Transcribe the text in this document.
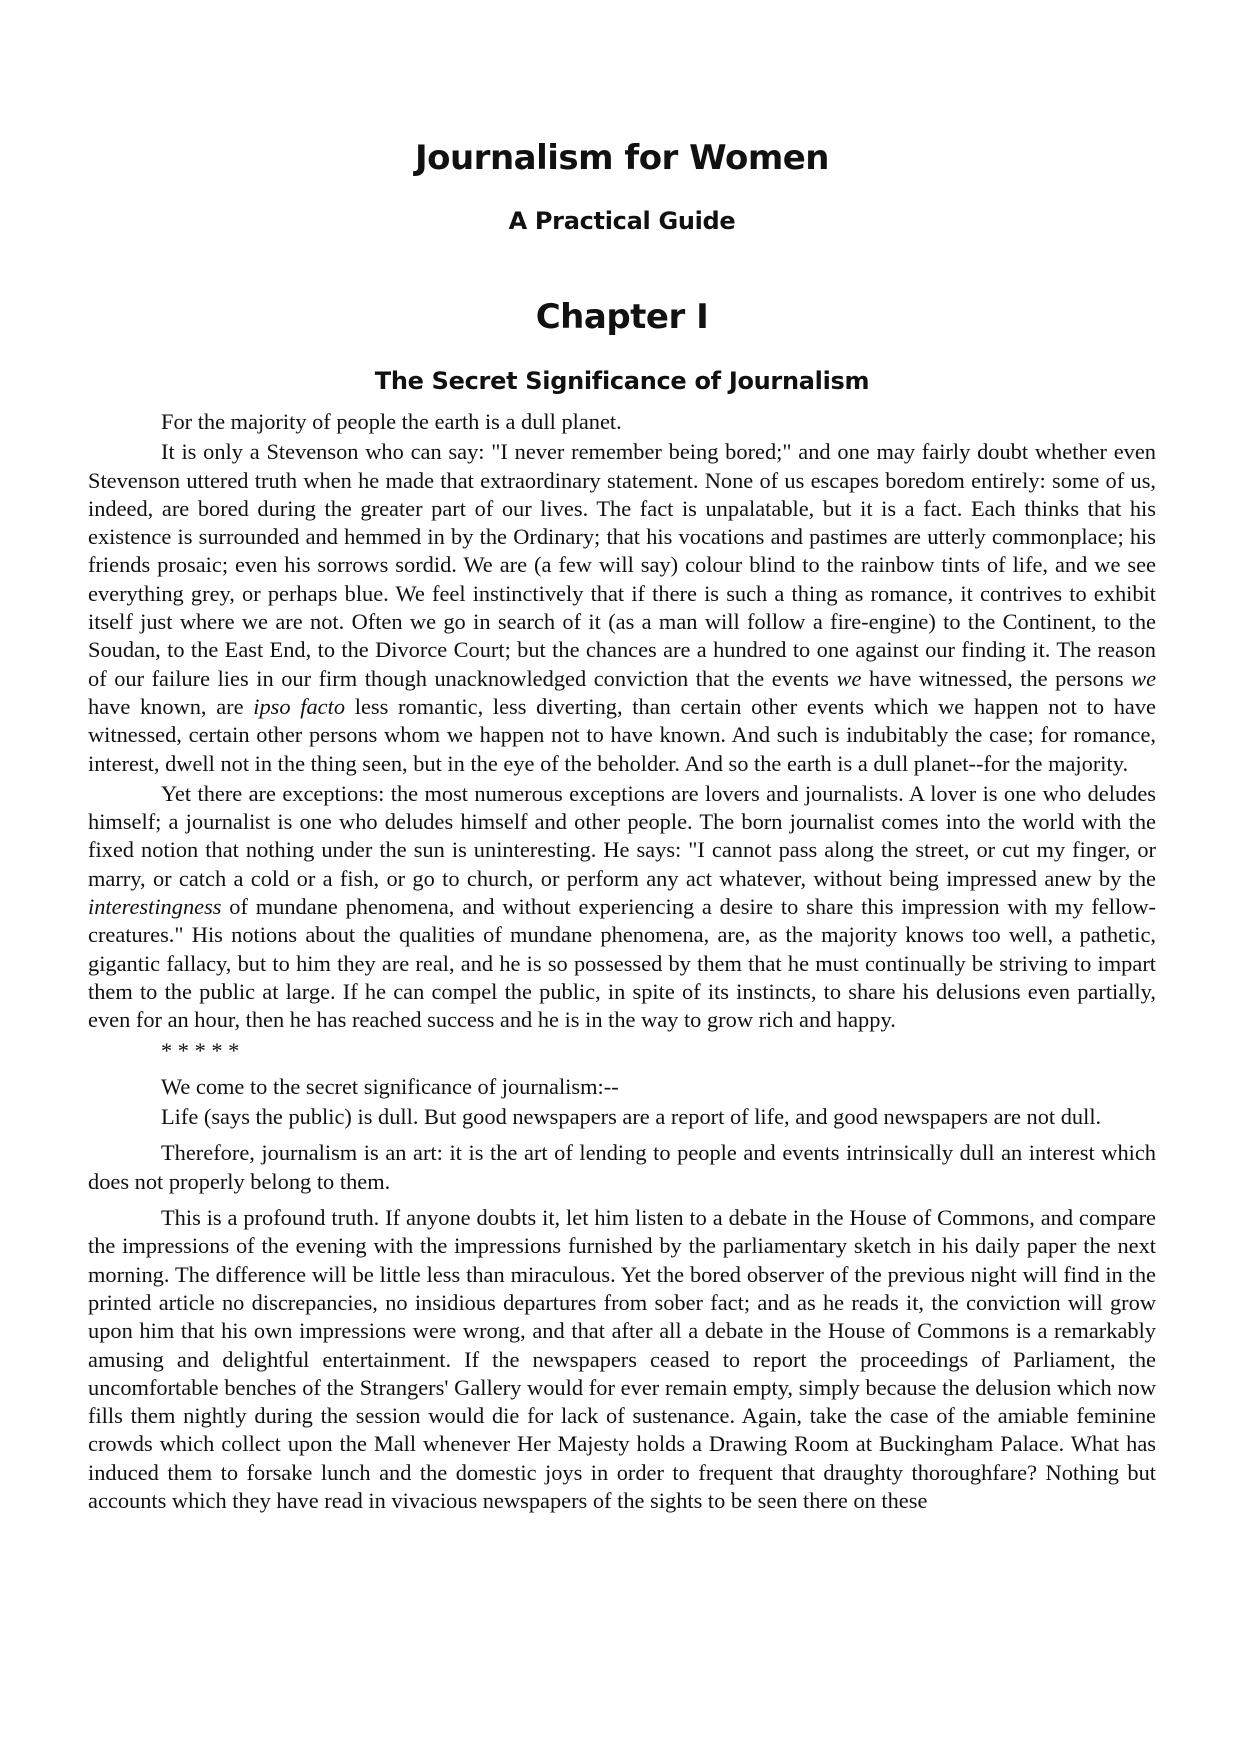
Journalism for Women
A Practical Guide
Chapter I
The Secret Significance of Journalism

For the majority of people the earth is a dull planet.

It is only a Stevenson who can say: "I never remember being bored;" and one may fairly doubt whether even Stevenson uttered truth when he made that extraordinary statement. None of us escapes boredom entirely: some of us, indeed, are bored during the greater part of our lives. The fact is unpalatable, but it is a fact. Each thinks that his existence is surrounded and hemmed in by the Ordinary; that his vocations and pastimes are utterly commonplace; his friends prosaic; even his sorrows sordid. We are (a few will say) colour blind to the rainbow tints of life, and we see everything grey, or perhaps blue. We feel instinctively that if there is such a thing as romance, it contrives to exhibit itself just where we are not. Often we go in search of it (as a man will follow a fire-engine) to the Continent, to the Soudan, to the East End, to the Divorce Court; but the chances are a hundred to one against our finding it. The reason of our failure lies in our firm though unacknowledged conviction that the events we have witnessed, the persons we have known, are ipso facto less romantic, less diverting, than certain other events which we happen not to have witnessed, certain other persons whom we happen not to have known. And such is indubitably the case; for romance, interest, dwell not in the thing seen, but in the eye of the beholder. And so the earth is a dull planet--for the majority.

Yet there are exceptions: the most numerous exceptions are lovers and journalists. A lover is one who deludes himself; a journalist is one who deludes himself and other people. The born journalist comes into the world with the fixed notion that nothing under the sun is uninteresting. He says: "I cannot pass along the street, or cut my finger, or marry, or catch a cold or a fish, or go to church, or perform any act whatever, without being impressed anew by the interestingness of mundane phenomena, and without experiencing a desire to share this impression with my fellow-creatures." His notions about the qualities of mundane phenomena, are, as the majority knows too well, a pathetic, gigantic fallacy, but to him they are real, and he is so possessed by them that he must continually be striving to impart them to the public at large. If he can compel the public, in spite of its instincts, to share his delusions even partially, even for an hour, then he has reached success and he is in the way to grow rich and happy.

* * * * *

We come to the secret significance of journalism:--

Life (says the public) is dull. But good newspapers are a report of life, and good newspapers are not dull.

Therefore, journalism is an art: it is the art of lending to people and events intrinsically dull an interest which does not properly belong to them.

This is a profound truth. If anyone doubts it, let him listen to a debate in the House of Commons, and compare the impressions of the evening with the impressions furnished by the parliamentary sketch in his daily paper the next morning. The difference will be little less than miraculous. Yet the bored observer of the previous night will find in the printed article no discrepancies, no insidious departures from sober fact; and as he reads it, the conviction will grow upon him that his own impressions were wrong, and that after all a debate in the House of Commons is a remarkably amusing and delightful entertainment. If the newspapers ceased to report the proceedings of Parliament, the uncomfortable benches of the Strangers' Gallery would for ever remain empty, simply because the delusion which now fills them nightly during the session would die for lack of sustenance. Again, take the case of the amiable feminine crowds which collect upon the Mall whenever Her Majesty holds a Drawing Room at Buckingham Palace. What has induced them to forsake lunch and the domestic joys in order to frequent that draughty thoroughfare? Nothing but accounts which they have read in vivacious newspapers of the sights to be seen there on these
